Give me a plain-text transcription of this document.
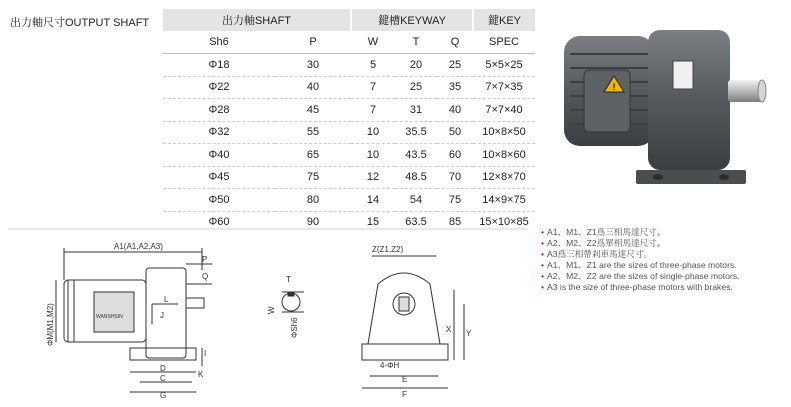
出力軸尺寸OUTPUT SHAFT	出力軸SHAFT		鍵槽KEYWAY			鍵KEY
Sh6	P	W	T	Q	SPEC
Φ18	30	5	20	25	5×5×25
Φ22	40	7	25	35	7×7×35
Φ28	45	7	31	40	7×7×40
Φ32	55	10	35.5	50	10×8×50
Φ40	65	10	43.5	60	10×8×60
Φ45	75	12	48.5	70	12×8×70
Φ50	80	14	54	75	14×9×75
Φ60	90	15	63.5	85	15×10×85
!
A1(A1,A2,A3)
WANSHSIN	J
L
ΦM(M1,M2)
P
Q
I
K
D
C
G
T
W
ΦSh6
Z(Z1,Z2)
X Y
4-ΦH
E
F
• A1、M1、Z1爲三相馬達尺寸。
• A2、M2、Z2爲單相馬達尺寸。
• A3爲三相帶剎車馬達尺寸。
• A1、M1、Z1 are the sizes of three-phase motors.
• A2、M2、Z2 are the sizes of single-phase motors.
• A3 is the size of three-phase motors with brakes.
